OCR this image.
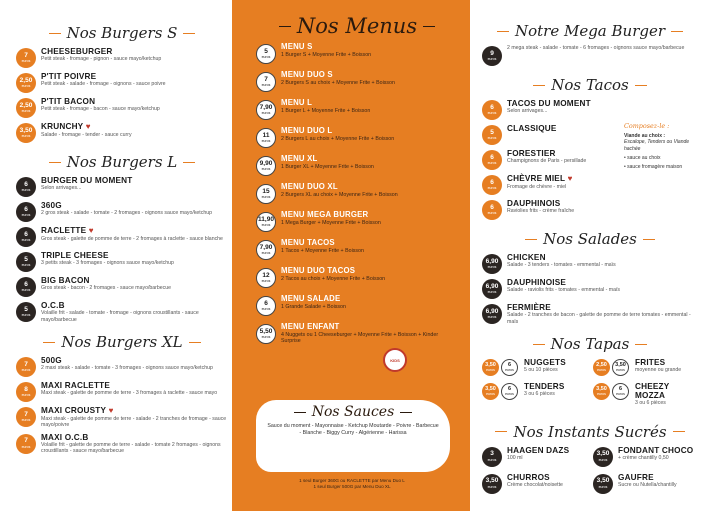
Nos Burgers S
7
euros
CHEESEBURGER
Petit steak - fromage - pignon - sauce mayo/ketchup
2,50
euros
P'TIT POIVRE
Petit steak - salade - fromage - oignons - sauce poivre
2,50
euros
P'TIT BACON
Petit steak - fromage - bacon - sauce mayo/ketchup
3,50
euros
KRUNCHY ♥
Salade - fromage - tender - sauce curry
Nos Burgers L
6
euros
BURGER DU MOMENT
Selon arrivages...
6
euros
360G
2 gros steak - salade - tomate - 2 fromages - oignons sauce mayo/ketchup
6
euros
RACLETTE ♥
Gros steak - galette de pomme de terre - 2 fromages à raclette - sauce blanche
5
euros
TRIPLE CHEESE
3 petits steak - 3 fromages - oignons sauce mayo/ketchup
6
euros
BIG BACON
Gros steak - bacon - 2 fromages - sauce mayo/barbecue
5
euros
O.C.B
Volaille frit - salade - tomate - fromage - oignons croustillants - sauce mayo/barbecue
Nos Burgers XL
7
euros
500G
2 maxi steak - salade - tomate - 3 fromages - oignons sauce mayo/ketchup
8
euros
MAXI RACLETTE
Maxi steak - galette de pomme de terre - 3 fromages à raclette - sauce mayo
7
euros
MAXI CROUSTY ♥
Maxi steak - galette de pomme de terre - salade - 2 tranches de fromage - sauce mayo/poivre
7
euros
MAXI O.C.B
Volaille frit - galette de pomme de terre - salade - tomate 2 fromages - oignons croustillants - sauce mayo/barbecue
Nos Menus
5
euros
MENU S
1 Burger S + Moyenne Frite + Boisson
7
euros
MENU DUO S
2 Burgers S au choix + Moyenne Frite + Boisson
7,90
euros
MENU L
1 Burger L + Moyenne Frite + Boisson
11
euros
MENU DUO L
2 Burgers L au choix + Moyenne Frite + Boisson
9,90
euros
MENU XL
1 Burger XL + Moyenne Frite + Boisson
15
euros
MENU DUO XL
2 Burgers XL au choix + Moyenne Frite + Boisson
11,90
euros
MENU MEGA BURGER
1 Mega Burger + Moyenne Frite + Boisson
7,90
euros
MENU TACOS
1 Tacos + Moyenne Frite + Boisson
12
euros
MENU DUO TACOS
2 Tacos au choix + Moyenne Frite + Boisson
6
euros
MENU SALADE
1 Grande Salade + Boisson
5,50
euros
MENU ENFANT
4 Nuggets ou 1 Cheeseburger + Moyenne Frite + Boisson + Kinder Surprise
Nos Sauces
Sauce du moment - Mayonnaise - Ketchup Moutarde - Poivre - Barbecue - Blanche - Biggy Curry - Algérienne - Harissa
1 seul Burger 360G ou RACLETTE par Menu Duo L
1 seul Burger 500G par Menu Duo XL
KIDS
Notre Mega Burger
9
euros
2 mega steak - salade - tomate - 6 fromages - oignons sauce mayo/barbecue
Nos Tacos
6
euros
TACOS DU MOMENT
Selon arrivages...
5
euros
CLASSIQUE
6
euros
FORESTIER
Champignons de Paris - persillade
6
euros
CHÈVRE MIEL ♥
Fromage de chèvre - miel
6
euros
DAUPHINOIS
Raviolies frits - crème fraîche
Nos Salades
6,90
euros
CHICKEN
Salade - 3 tenders - tomates - emmental - maïs
6,90
euros
DAUPHINOISE
Salade - raviolis frits - tomates - emmental - maïs
6,90
euros
FERMIÈRE
Salade - 2 tranches de bacon - galette de pomme de terre tomates - emmental - maïs
Nos Tapas
3,50
euros
6
euros
NUGGETS
5 ou 10 pièces
2,50
euros
3,50
euros
FRITES
moyenne ou grande
3,50
euros
6
euros
TENDERS
3 ou 6 pièces
3,50
euros
6
euros
CHEEZY MOZZA
3 ou 6 pièces
Nos Instants Sucrés
3
euros
HAAGEN DAZS
100 ml
3,50
euros
FONDANT CHOCO
+ crème chantilly 0,50
3,50
euros
CHURROS
Crème chocolat/noisette
3,50
euros
GAUFRE
Sucre ou Nutella/chantilly
Composez-le :
Viande au choix :
Escalope, Tenders ou Viande hachée
• sauce au choix
• sauce fromagère maison
